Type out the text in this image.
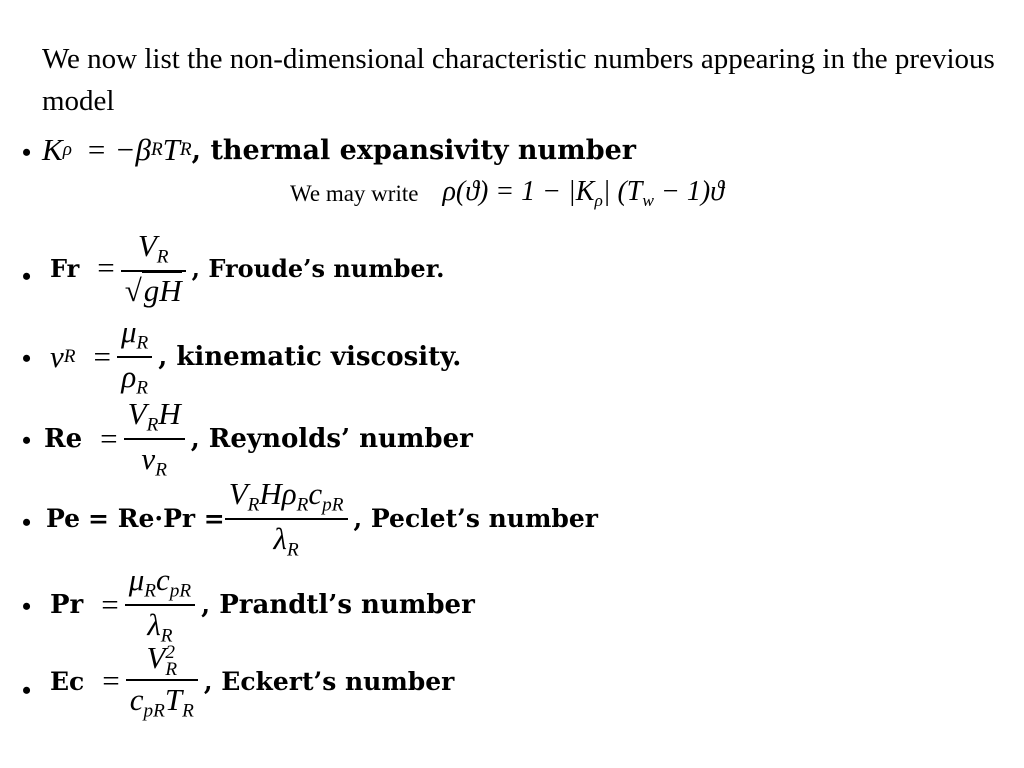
We now list the non-dimensional characteristic numbers appearing in the previous model
• K ρ = −β R T R , thermal expansivity number
We may write $\rho(ϑ) = 1 - |K_\rho|$ $(T_w - 1)ϑ$
• $Fr = \frac{V_R}{√gH}$ , Froude’s number.
• ν $R = \frac{\mu_R}{\rho_R}$ , kinematic viscosity.
• $Re = \frac{V_RH}{\nu_R}$ , Reynolds’ number
• $Pe = Re\cdot Pr = \frac{V_RH\rho_Rc_{pR}}{\lambda_R}$ , Peclet’s number
• $Pr = \frac{\mu_Rc_{pR}}{\lambda_R}$ , Prandtl’s number
• Ec = V 2
R
$c_{pR}T_R$ , Eckert’s number
